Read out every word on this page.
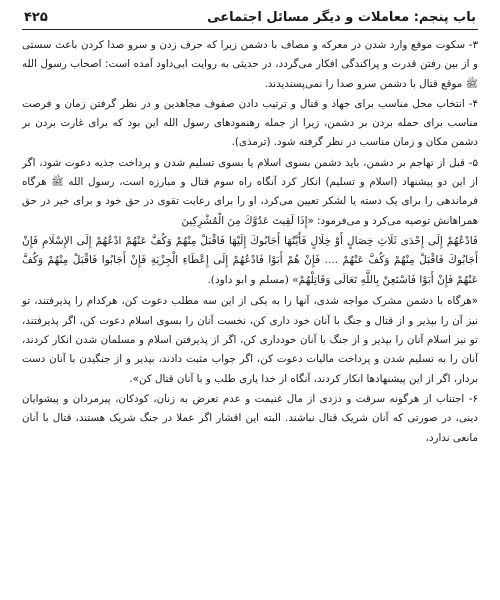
باب پنجم: معاملات و دیگر مسائل اجتماعی
۴۲۵

۳- سکوت موقع وارد شدن در معرکه و مصاف با دشمن زیرا که حرف زدن و سرو صدا کردن باعث سستی و از بین رفتن قدرت و پراکندگی افکار می‌گردد، در حدیثی به روایت ابی‌داود آمده است: اصحاب رسول الله ﷺ موقع قتال با دشمن سرو صدا را نمی‌پسندیدند.

۴- انتخاب محل مناسب برای جهاد و قتال و ترتیب دادن صفوف مجاهدین و در نظر گرفتن زمان و فرصت مناسب برای حمله بردن بر دشمن، زیرا از جمله رهنمودهای رسول الله این بود که برای غارت بردن بر دشمن مکان و زمان مناسب در نظر گرفته شود. (ترمذی).

۵- قبل از تهاجم بر دشمن، باید دشمن بسوی اسلام یا بسوی تسلیم شدن و پرداخت جذیه دعوت شود، اگر از این دو پیشنهاد (اسلام و تسلیم) انکار کرد آنگاه راه سوم قتال و مبارزه است، رسول الله ﷺ هرگاه فرماندهی را برای یک دسته یا لشکر تعیین می‌کرد، او را برای رعایت تقوی در حق خود و برای خیر در حق همراهانش توصیه می‌کرد و می‌فرمود: «إِذَا لَقِيتَ عَدُوَّكَ مِنَ الْمُشْرِكِينَ

فَادْعُهُمْ إِلَى إِحْدَى ثَلَاثِ خِصَالٍ أَوْ خِلَالٍ فَأَيَّتُهَا أَجَابُوكَ إِلَيْهَا فَاقْبَلْ مِنْهُمْ وَكُفَّ عَنْهُمْ ادْعُهُمْ إِلَى الإِسْلَامِ فَإِنْ أَجَابُوكَ فَاقْبَلْ مِنْهُمْ وَكُفَّ عَنْهُمْ .... فَإِنْ هُمْ أَبَوْا فَادْعُهُمْ إِلَى إِعْطَاءِ الْجِزْيَةِ فَإِنْ أَجَابُوا فَاقْبَلْ مِنْهُمْ وَكُفَّ عَنْهُمْ فَإِنْ أَبَوْا فَاسْتَعِنْ بِاللَّهِ تَعَالَى وَقَاتِلْهُمْ» (مسلم و ابو داود).

«هرگاه با دشمن مشرک مواجه شدی، آنها را به یکی از این سه مطلب دعوت کن، هرکدام را پذیرفتند، تو نیز آن را بپذیر و از قتال و جنگ با آنان خود داری کن، نخست آنان را بسوی اسلام دعوت کن، اگر پذیرفتند، تو نیز اسلام آنان را بپذیر و از جنگ با آنان خودداری کن، اگر از پذیرفتن اسلام و مسلمان شدن انکار کردند، آنان را به تسلیم شدن و پرداخت مالیات دعوت کن، اگر جواب مثبت دادند، بپذیر و از جنگیدن با آنان دست بردار، اگر از این پیشنهادها انکار کردند، آنگاه از خدا یاری طلب و با آنان قتال کن».

۶- اجتناب از هرگونه سرقت و دزدی از مال غنیمت و عدم تعرض به زنان، کودکان، پیرمردان و پیشوایان دینی، در صورتی که آنان شریک قتال نباشند. البته این اقشار اگر عملا در جنگ شریک هستند، قتال با آنان مانعی ندارد،
